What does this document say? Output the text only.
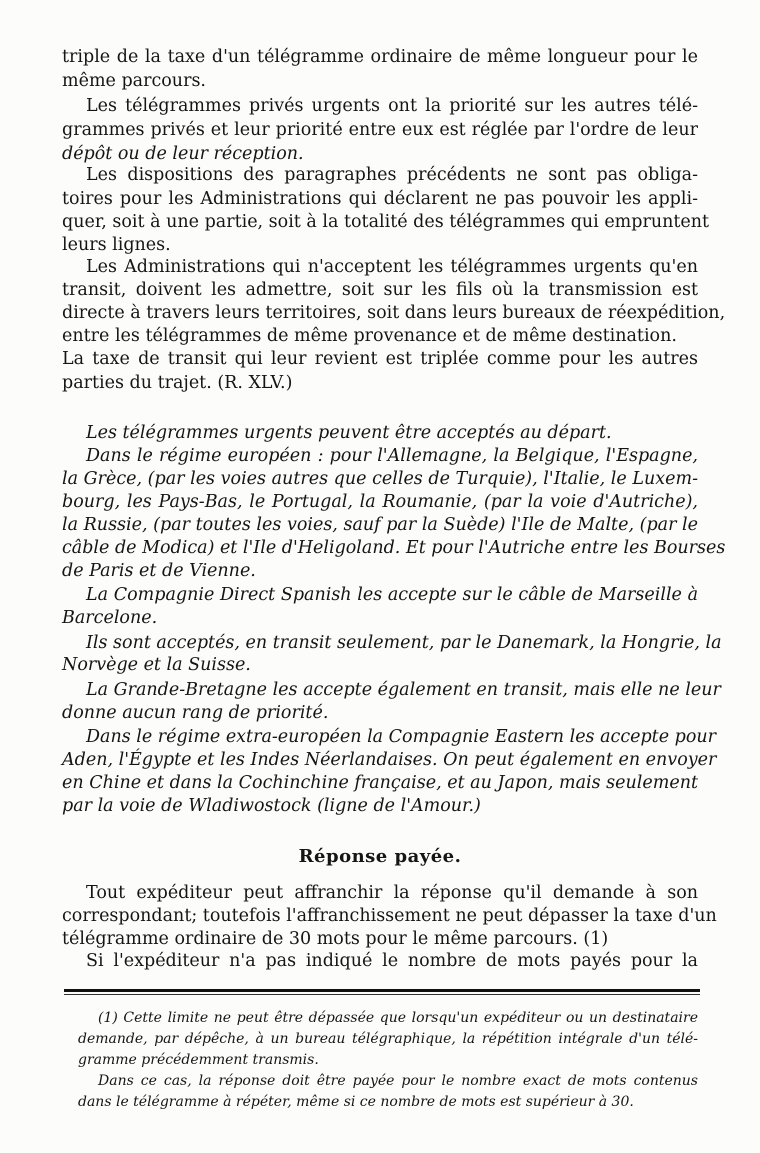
triple de la taxe d'un télégramme ordinaire de même longueur pour le
même parcours.
Les télégrammes privés urgents ont la priorité sur les autres télé-
grammes privés et leur priorité entre eux est réglée par l'ordre de leur
dépôt ou de leur réception.
Les dispositions des paragraphes précédents ne sont pas obliga-
toires pour les Administrations qui déclarent ne pas pouvoir les appli-
quer, soit à une partie, soit à la totalité des télégrammes qui empruntent
leurs lignes.
Les Administrations qui n'acceptent les télégrammes urgents qu'en
transit, doivent les admettre, soit sur les fils où la transmission est
directe à travers leurs territoires, soit dans leurs bureaux de réexpédition,
entre les télégrammes de même provenance et de même destination.
La taxe de transit qui leur revient est triplée comme pour les autres
parties du trajet. (R. XLV.)
Les télégrammes urgents peuvent être acceptés au départ.
Dans le régime européen : pour l'Allemagne, la Belgique, l'Espagne,
la Grèce, (par les voies autres que celles de Turquie), l'Italie, le Luxem-
bourg, les Pays-Bas, le Portugal, la Roumanie, (par la voie d'Autriche),
la Russie, (par toutes les voies, sauf par la Suède) l'Ile de Malte, (par le
câble de Modica) et l'Ile d'Heligoland. Et pour l'Autriche entre les Bourses
de Paris et de Vienne.
La Compagnie Direct Spanish les accepte sur le câble de Marseille à
Barcelone.
Ils sont acceptés, en transit seulement, par le Danemark, la Hongrie, la
Norvège et la Suisse.
La Grande-Bretagne les accepte également en transit, mais elle ne leur
donne aucun rang de priorité.
Dans le régime extra-européen la Compagnie Eastern les accepte pour
Aden, l'Égypte et les Indes Néerlandaises. On peut également en envoyer
en Chine et dans la Cochinchine française, et au Japon, mais seulement
par la voie de Wladiwostock (ligne de l'Amour.)
Réponse payée.
Tout expéditeur peut affranchir la réponse qu'il demande à son
correspondant; toutefois l'affranchissement ne peut dépasser la taxe d'un
télégramme ordinaire de 30 mots pour le même parcours. (1)
Si l'expéditeur n'a pas indiqué le nombre de mots payés pour la
(1) Cette limite ne peut être dépassée que lorsqu'un expéditeur ou un destinataire
demande, par dépêche, à un bureau télégraphique, la répétition intégrale d'un télé-
gramme précédemment transmis.
Dans ce cas, la réponse doit être payée pour le nombre exact de mots contenus
dans le télégramme à répéter, même si ce nombre de mots est supérieur à 30.
